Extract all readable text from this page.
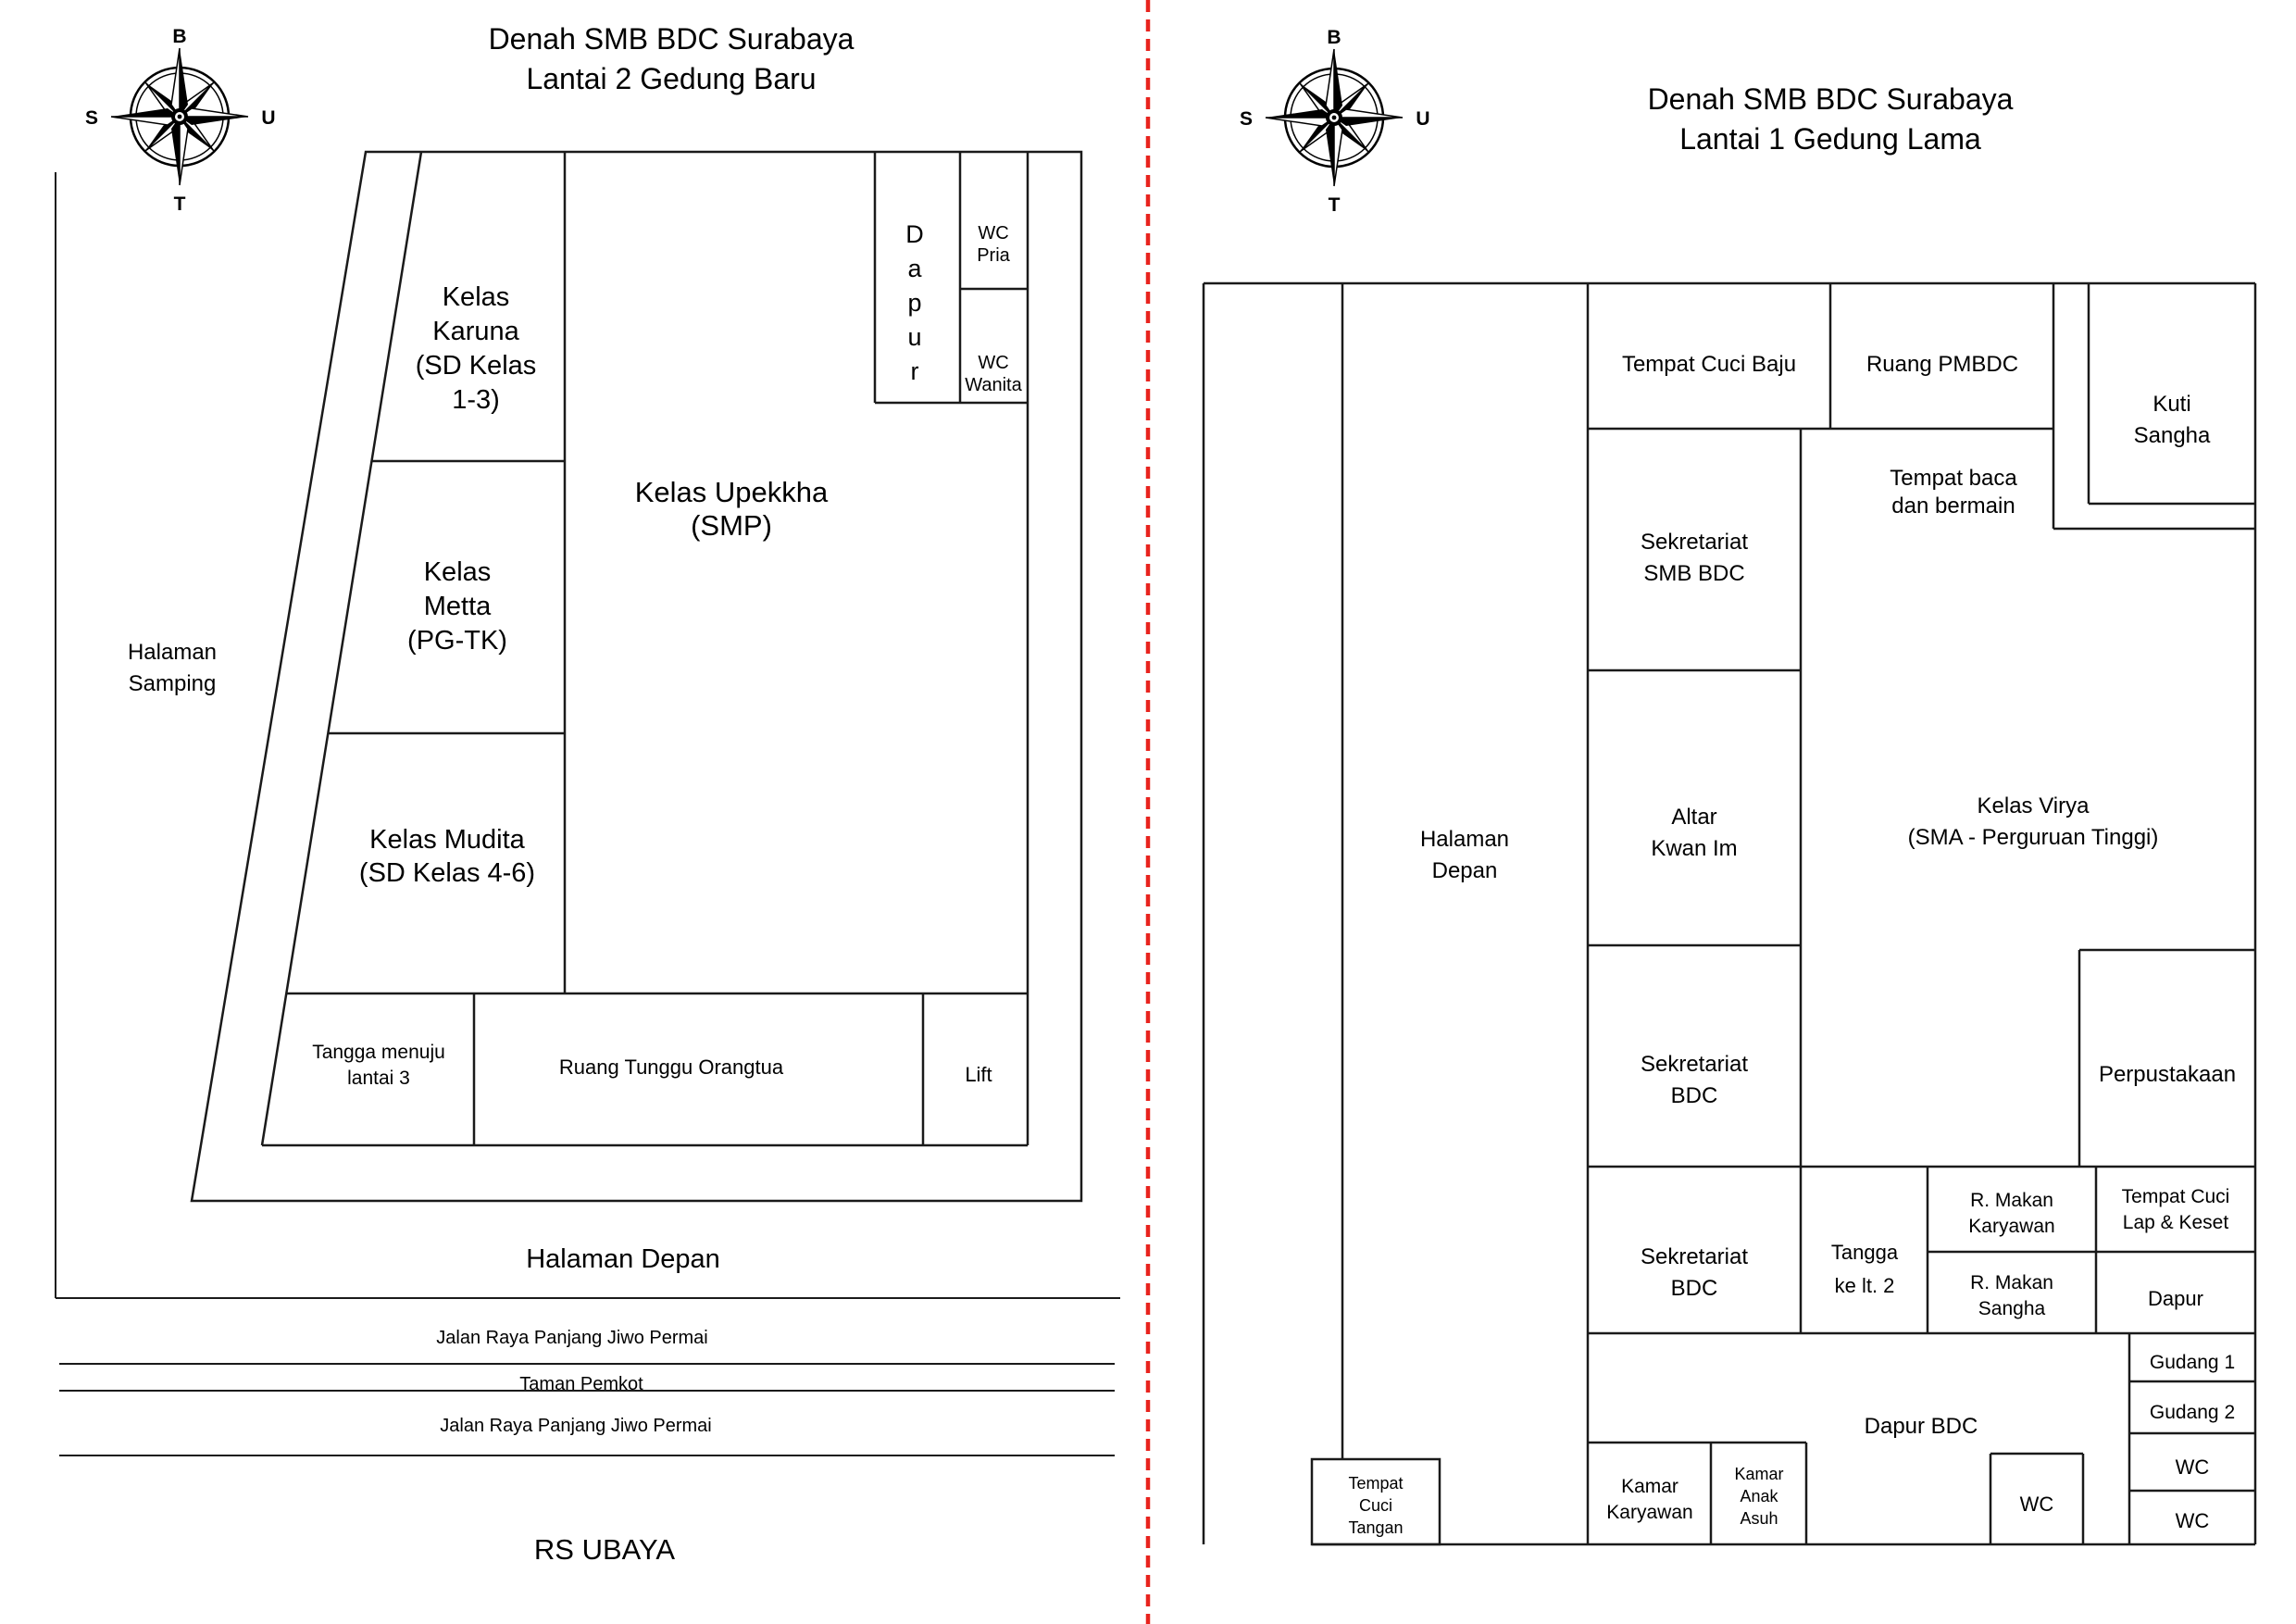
Denah SMB BDC Surabaya
Lantai 2 Gedung Baru
B
U
T
S
Kelas
Karuna
(SD Kelas
1-3)
Kelas
Metta
(PG-TK)
Kelas Mudita
(SD Kelas 4-6)
Kelas Upekkha
(SMP)
D
a
p
u
r
WC
Pria
WC
Wanita
Tangga menuju
lantai 3	Ruang Tunggu Orangtua	Lift
Halaman
Samping
Halaman Depan
Jalan Raya Panjang Jiwo Permai
Taman Pemkot
Jalan Raya Panjang Jiwo Permai
RS UBAYA
Denah SMB BDC Surabaya
Lantai 1 Gedung Lama
B
U
T
S
Tempat Cuci Baju	Ruang PMBDC
Kuti
Sangha
Tempat baca
dan bermain
Sekretariat
SMB BDC
Halaman
Depan
Altar
Kwan Im
Kelas Virya
(SMA - Perguruan Tinggi)
Sekretariat
BDC
Perpustakaan
Sekretariat
BDC
Tangga
ke lt. 2
R. Makan
Karyawan
Tempat Cuci
Lap & Keset
R. Makan
Sangha	Dapur
Dapur BDC
Gudang 1
Gudang 2
WC
WC
WC
Kamar
Karyawan
Kamar
Anak
Asuh
Tempat
Cuci
Tangan
